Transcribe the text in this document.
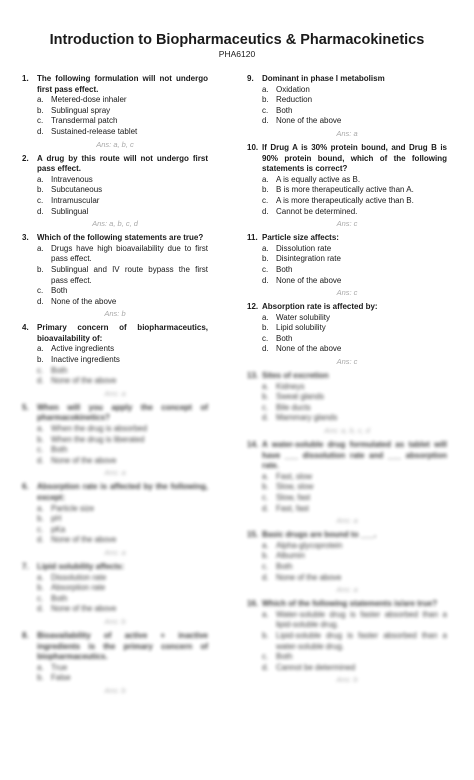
Introduction to Biopharmaceutics & Pharmacokinetics
PHA6120
1.	The following formulation will not undergo first pass effect.
a. Metered-dose inhaler
b. Sublingual spray
c. Transdermal patch
d. Sustained-release tablet
Ans: a, b, c
2.	A drug by this route will not undergo first pass effect.
a. Intravenous
b. Subcutaneous
c. Intramuscular
d. Sublingual
Ans: a, b, c, d
3.	Which of the following statements are true?
a. Drugs have high bioavailability due to first pass effect.
b. Sublingual and IV route bypass the first pass effect.
c. Both
d. None of the above
Ans: b
4.	Primary concern of biopharmaceutics, bioavailability of:
a. Active ingredients
b. Inactive ingredients
c. Both
d. None of the above
Ans: a
5.	When will you apply the concept of pharmacokinetics?
a. When the drug is absorbed
b. When the drug is liberated
c. Both
d. None of the above
Ans: a
6.	Absorption rate is affected by the following, except:
a. Particle size
b. pH
c. pKa
d. None of the above
Ans: a
7.	Lipid solubility affects:
a. Dissolution rate
b. Absorption rate
c. Both
d. None of the above
Ans: b
8.	Bioavailability of active + inactive ingredients is the primary concern of biopharmaceutics.
a. True
b. False
Ans: b
9.	Dominant in phase I metabolism
a. Oxidation
b. Reduction
c. Both
d. None of the above
Ans: a
10. If Drug A is 30% protein bound, and Drug B is 90% protein bound, which of the following statements is correct?
a. A is equally active as B.
b. B is more therapeutically active than A.
c. A is more therapeutically active than B.
d. Cannot be determined.
Ans: c
11. Particle size affects:
a. Dissolution rate
b. Disintegration rate
c. Both
d. None of the above
Ans: c
12. Absorption rate is affected by:
a. Water solubility
b. Lipid solubility
c. Both
d. None of the above
Ans: c
13. Sites of excretion
a. Kidneys
b. Sweat glands
c. Bile ducts
d. Mammary glands
Ans: a, b, c, d
14. A water-soluble drug formulated as tablet will have ___ dissolution rate and ___ absorption rate.
a. Fast, slow
b. Slow, slow
c. Slow, fast
d. Fast, fast
Ans: a
15. Basic drugs are bound to ___.
a. Alpha-glycoprotein
b. Albumin
c. Both
d. None of the above
Ans: a
16. Which of the following statements is/are true?
a. Water-soluble drug is faster absorbed than a lipid-soluble drug.
b. Lipid-soluble drug is faster absorbed than a water-soluble drug.
c. Both
d. Cannot be determined
Ans: b
